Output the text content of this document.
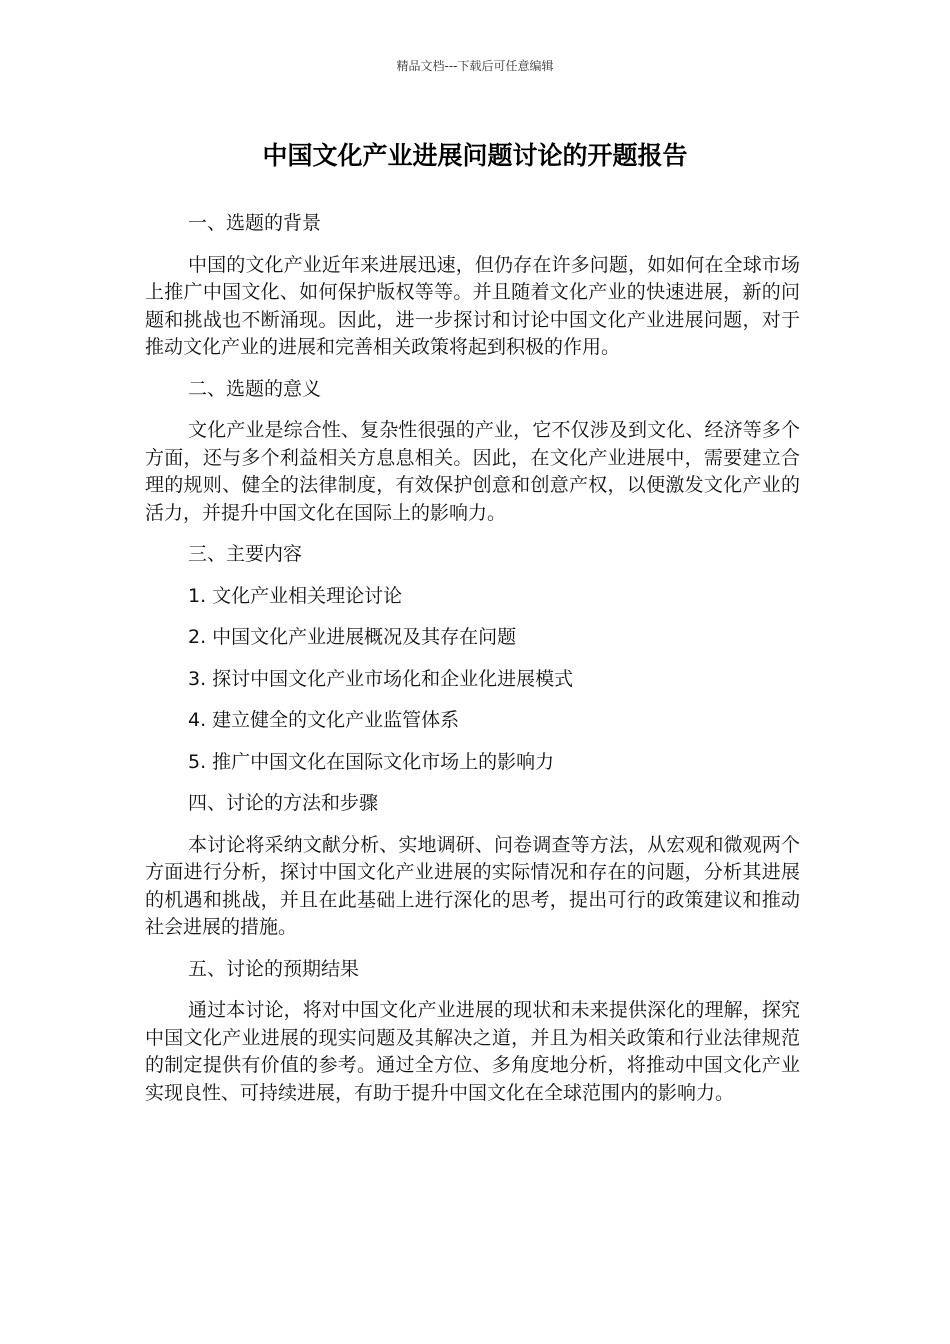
精品文档---下载后可任意编辑
中国文化产业进展问题讨论的开题报告
一、选题的背景
中国的文化产业近年来进展迅速，但仍存在许多问题，如如何在全球市场上推广中国文化、如何保护版权等等。并且随着文化产业的快速进展，新的问题和挑战也不断涌现。因此，进一步探讨和讨论中国文化产业进展问题，对于推动文化产业的进展和完善相关政策将起到积极的作用。
二、选题的意义
文化产业是综合性、复杂性很强的产业，它不仅涉及到文化、经济等多个方面，还与多个利益相关方息息相关。因此，在文化产业进展中，需要建立合理的规则、健全的法律制度，有效保护创意和创意产权，以便激发文化产业的活力，并提升中国文化在国际上的影响力。
三、主要内容
1. 文化产业相关理论讨论
2. 中国文化产业进展概况及其存在问题
3. 探讨中国文化产业市场化和企业化进展模式
4. 建立健全的文化产业监管体系
5. 推广中国文化在国际文化市场上的影响力
四、讨论的方法和步骤
本讨论将采纳文献分析、实地调研、问卷调查等方法，从宏观和微观两个方面进行分析，探讨中国文化产业进展的实际情况和存在的问题，分析其进展的机遇和挑战，并且在此基础上进行深化的思考，提出可行的政策建议和推动社会进展的措施。
五、讨论的预期结果
通过本讨论，将对中国文化产业进展的现状和未来提供深化的理解，探究中国文化产业进展的现实问题及其解决之道，并且为相关政策和行业法律规范的制定提供有价值的参考。通过全方位、多角度地分析，将推动中国文化产业实现良性、可持续进展，有助于提升中国文化在全球范围内的影响力。
